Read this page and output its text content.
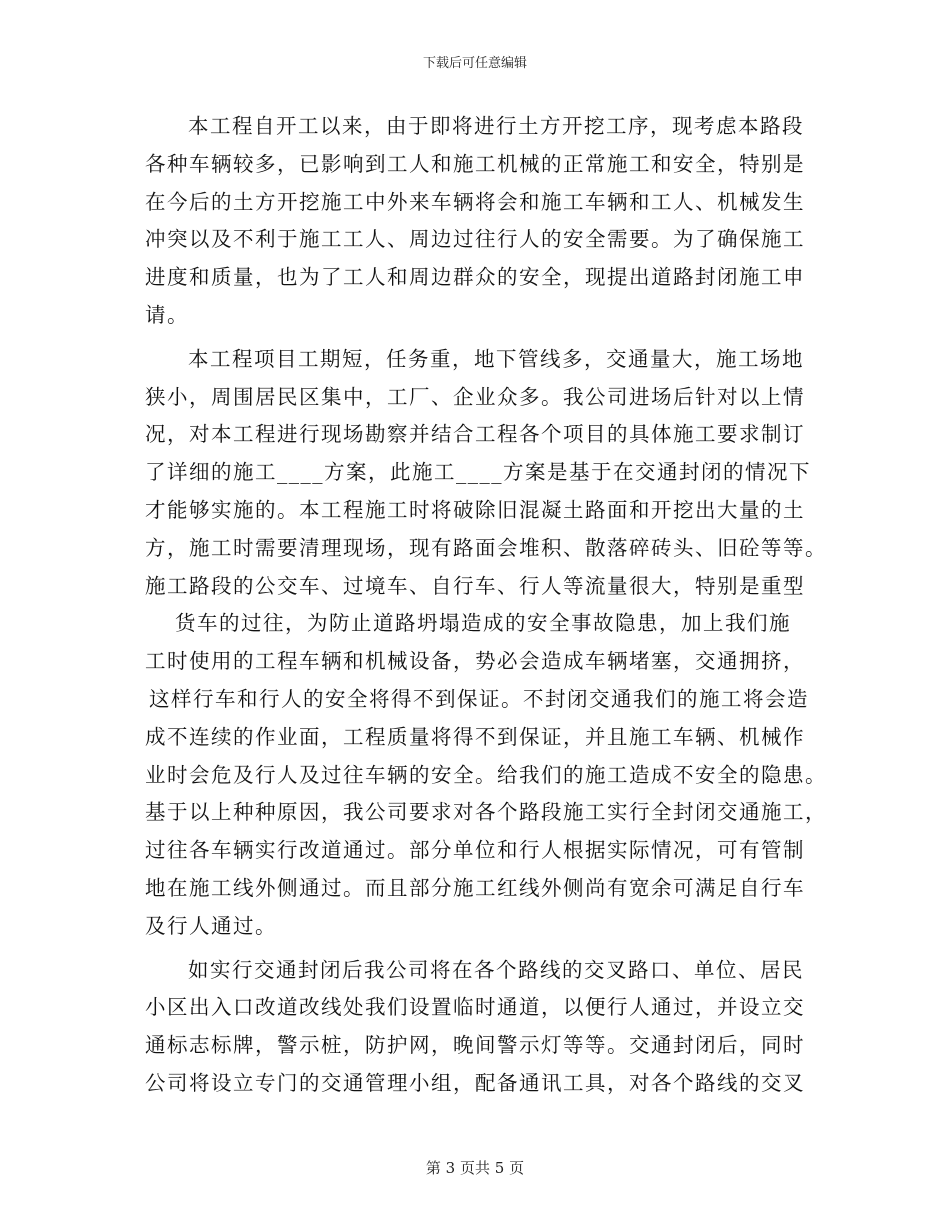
下载后可任意编辑
本工程自开工以来，由于即将进行土方开挖工序，现考虑本路段
各种车辆较多，已影响到工人和施工机械的正常施工和安全，特别是
在今后的土方开挖施工中外来车辆将会和施工车辆和工人、机械发生
冲突以及不利于施工工人、周边过往行人的安全需要。为了确保施工
进度和质量，也为了工人和周边群众的安全，现提出道路封闭施工申
请。
本工程项目工期短，任务重，地下管线多，交通量大，施工场地
狭小，周围居民区集中，工厂、企业众多。我公司进场后针对以上情
况，对本工程进行现场勘察并结合工程各个项目的具体施工要求制订
了详细的施工____方案，此施工____方案是基于在交通封闭的情况下
才能够实施的。本工程施工时将破除旧混凝土路面和开挖出大量的土
方，施工时需要清理现场，现有路面会堆积、散落碎砖头、旧砼等等。
施工路段的公交车、过境车、自行车、行人等流量很大，特别是重型
货车的过往，为防止道路坍塌造成的安全事故隐患，加上我们施
工时使用的工程车辆和机械设备，势必会造成车辆堵塞，交通拥挤，
这样行车和行人的安全将得不到保证。不封闭交通我们的施工将会造
成不连续的作业面，工程质量将得不到保证，并且施工车辆、机械作
业时会危及行人及过往车辆的安全。给我们的施工造成不安全的隐患。
基于以上种种原因，我公司要求对各个路段施工实行全封闭交通施工，
过往各车辆实行改道通过。部分单位和行人根据实际情况，可有管制
地在施工线外侧通过。而且部分施工红线外侧尚有宽余可满足自行车
及行人通过。
如实行交通封闭后我公司将在各个路线的交叉路口、单位、居民
小区出入口改道改线处我们设置临时通道，以便行人通过，并设立交
通标志标牌，警示桩，防护网，晚间警示灯等等。交通封闭后，同时
公司将设立专门的交通管理小组，配备通讯工具，对各个路线的交叉
第 3 页共 5 页
